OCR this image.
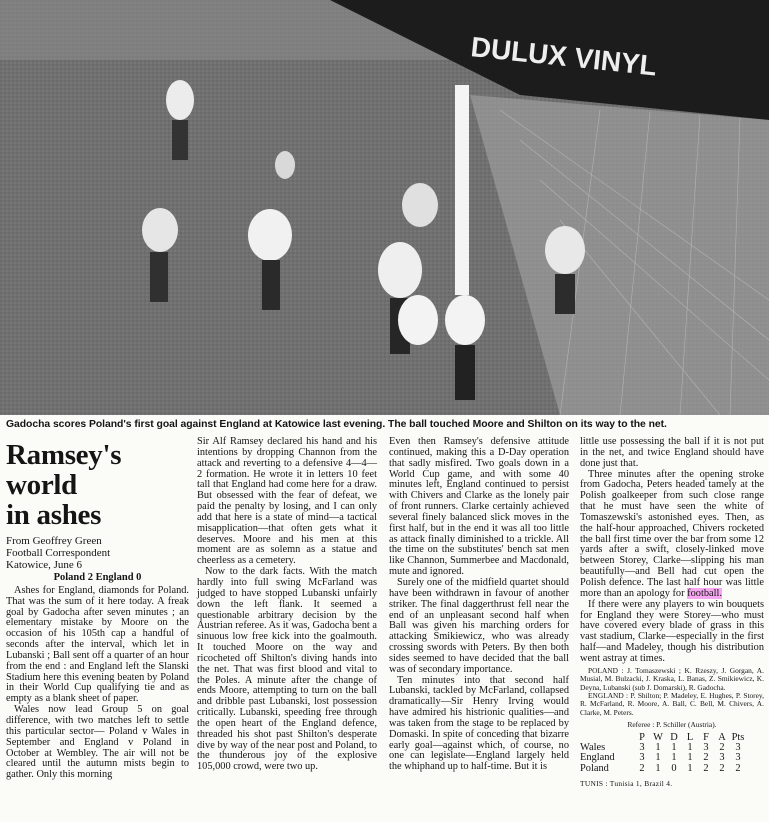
DULUX VINYL
Gadocha scores Poland's first goal against England at Katowice last evening. The ball touched Moore and Shilton on its way to the net.
Ramsey's
world
in ashes
From Geoffrey Green
Football Correspondent
Katowice, June 6
Poland 2 England 0

Ashes for England, diamonds for Poland. That was the sum of it here today. A freak goal by Gadocha after seven minutes ; an elementary mistake by Moore on the occasion of his 105th cap a handful of seconds after the interval, which let in Lubanski ; Ball sent off a quarter of an hour from the end : and England left the Slanski Stadium here this evening beaten by Poland in their World Cup qualifying tie and as empty as a blank sheet of paper.

Wales now lead Group 5 on goal difference, with two matches left to settle this particular sector— Poland v Wales in September and England v Poland in October at Wembley. The air will not be cleared until the autumn mists begin to gather. Only this morning

Sir Alf Ramsey declared his hand and his intentions by dropping Channon from the attack and reverting to a defensive 4—4—2 formation. He wrote it in letters 10 feet tall that England had come here for a draw. But obsessed with the fear of defeat, we paid the penalty by losing, and I can only add that here is a state of mind—a tactical misapplication—that often gets what it deserves. Moore and his men at this moment are as solemn as a statue and cheerless as a cemetery.

Now to the dark facts. With the match hardly into full swing McFarland was judged to have stopped Lubanski unfairly down the left flank. It seemed a questionable arbitrary decision by the Austrian referee. As it was, Gadocha bent a sinuous low free kick into the goalmouth. It touched Moore on the way and ricocheted off Shilton's diving hands into the net. That was first blood and vital to the Poles. A minute after the change of ends Moore, attempting to turn on the ball and dribble past Lubanski, lost possession critically. Lubanski, speeding free through the open heart of the England defence, threaded his shot past Shilton's desperate dive by way of the near post and Poland, to the thunderous joy of the explosive 105,000 crowd, were two up.

Even then Ramsey's defensive attitude continued, making this a D-Day operation that sadly misfired. Two goals down in a World Cup game, and with some 40 minutes left, England continued to persist with Chivers and Clarke as the lonely pair of front runners. Clarke certainly achieved several finely balanced slick moves in the first half, but in the end it was all too little as attack finally diminished to a trickle. All the time on the substitutes' bench sat men like Channon, Summerbee and Macdonald, mute and ignored.

Surely one of the midfield quartet should have been withdrawn in favour of another striker. The final daggerthrust fell near the end of an unpleasant second half when Ball was given his marching orders for attacking Smikiewicz, who was already crossing swords with Peters. By then both sides seemed to have decided that the ball was of secondary importance.

Ten minutes into that second half Lubanski, tackled by McFarland, collapsed dramatically—Sir Henry Irving would have admired his histrionic qualities—and was taken from the stage to be replaced by Domaski. In spite of conceding that bizarre early goal—against which, of course, no one can legislate—England largely held the whiphand up to half-time. But it is

little use possessing the ball if it is not put in the net, and twice England should have done just that.

Three minutes after the opening stroke from Gadocha, Peters headed tamely at the Polish goalkeeper from such close range that he must have seen the white of Tomaszewski's astonished eyes. Then, as the half-hour approached, Chivers rocketed the ball first time over the bar from some 12 yards after a swift, closely-linked move between Storey, Clarke—slipping his man beautifully—and Bell had cut open the Polish defence. The last half hour was little more than an apology for football.

If there were any players to win bouquets for England they were Storey—who must have covered every blade of grass in this vast stadium, Clarke—especially in the first half—and Madeley, though his distribution went astray at times.

POLAND : J. Tomaszewski ; K. Rzeszy, J. Gorgan, A. Musial, M. Bulzacki, J. Kraska, L. Banas, Z. Smikiewicz, K. Deyna, Lubanski (sub J. Domarski), R. Gadocha.

ENGLAND : P. Shilton; P. Madeley, E. Hughes, P. Storey, R. McFarland, R. Moore, A. Ball, C. Bell, M. Chivers, A. Clarke, M. Peters.

Referee : P. Schiller (Austria).
	P	W	D	L	F	A	Pts
Wales	3	1	1	1	3	2	3
England	3	1	1	1	2	3	3
Poland	2	1	0	1	2	2	2
TUNIS : Tunisia 1, Brazil 4.
